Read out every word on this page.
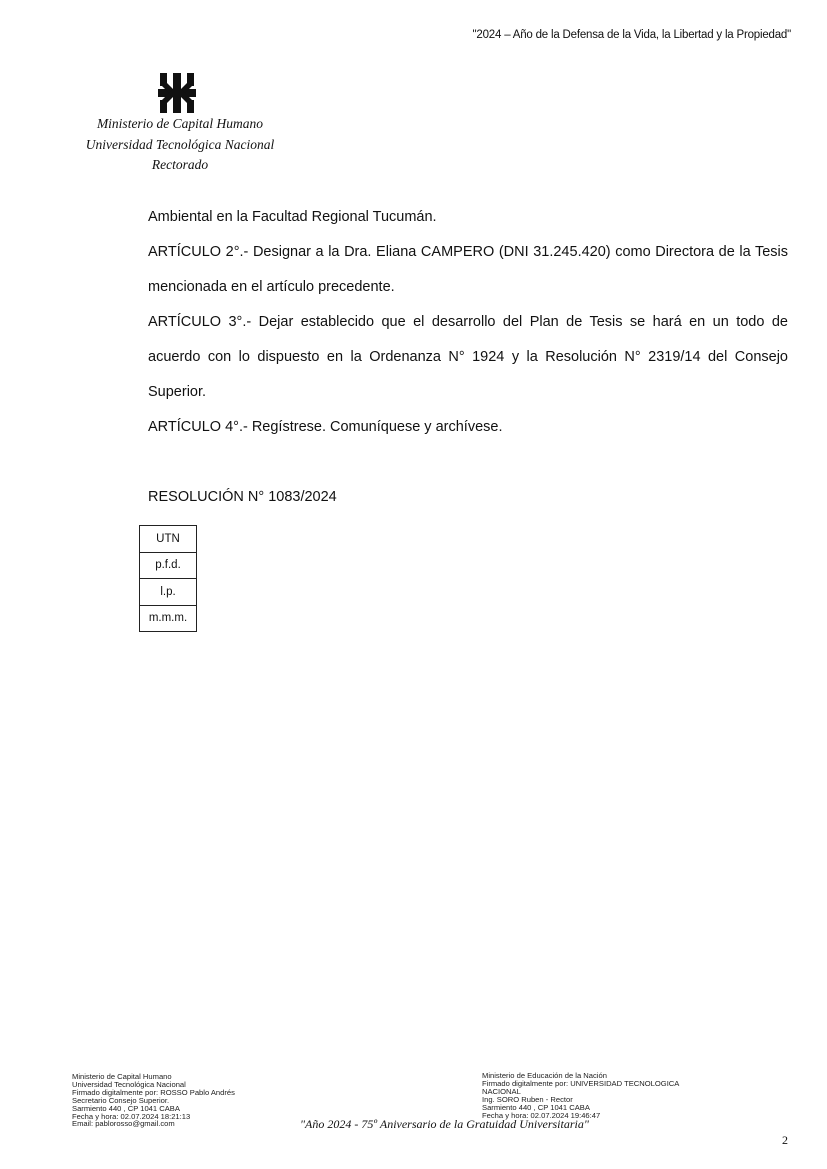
"2024 – Año de la Defensa de la Vida, la Libertad y la Propiedad"
Ministerio de Capital Humano
Universidad Tecnológica Nacional
Rectorado

Ambiental en la Facultad Regional Tucumán.

ARTÍCULO 2°.- Designar a la Dra. Eliana CAMPERO (DNI 31.245.420) como Directora de la Tesis mencionada en el artículo precedente.

ARTÍCULO 3°.- Dejar establecido que el desarrollo del Plan de Tesis se hará en un todo de acuerdo con lo dispuesto en la Ordenanza N° 1924 y la Resolución N° 2319/14 del Consejo Superior.

ARTÍCULO 4°.- Regístrese. Comuníquese y archívese.

RESOLUCIÓN N° 1083/2024
UTN
p.f.d.
l.p.
m.m.m.
Ministerio de Capital Humano
Universidad Tecnológica Nacional
Firmado digitalmente por: ROSSO Pablo Andrés
Secretario Consejo Superior.
Sarmiento 440 , CP 1041 CABA
Fecha y hora: 02.07.2024 18:21:13
Email: pablorosso@gmail.com
Ministerio de Educación de la Nación
Firmado digitalmente por: UNIVERSIDAD TECNOLOGICA
NACIONAL
Ing. SORO Ruben - Rector
Sarmiento 440 , CP 1041 CABA
Fecha y hora: 02.07.2024 19:46:47
"Año 2024 - 75º Aniversario de la Gratuidad Universitaria"
2
